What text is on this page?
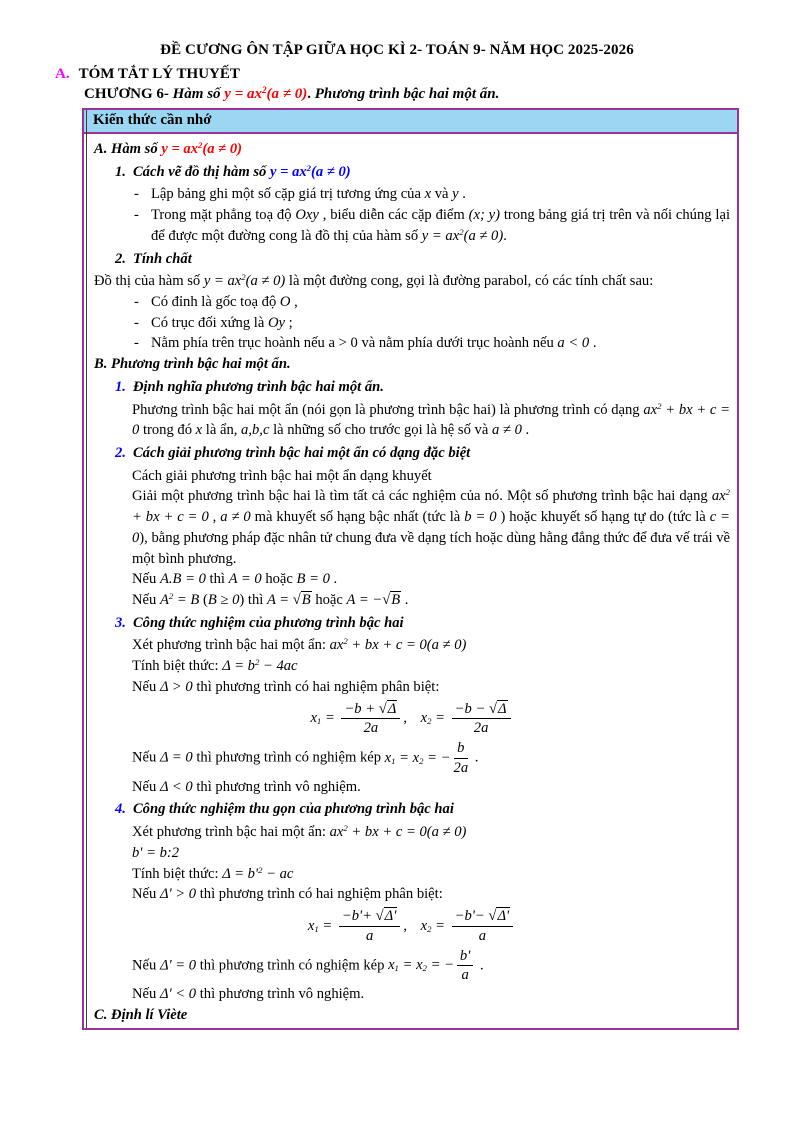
ĐỀ CƯƠNG ÔN TẬP GIỮA HỌC KÌ 2- TOÁN 9- NĂM HỌC 2025-2026
A. TÓM TẮT LÝ THUYẾT
CHƯƠNG 6- Hàm số $y = ax^2(a \ne 0)$. Phương trình bậc hai một ẩn.
Kiến thức cần nhớ

A. Hàm số $y = ax^2(a \ne 0)$

1. Cách vẽ đồ thị hàm số $y = ax^2(a \ne 0)$

- Lập bảng ghi một số cặp giá trị tương ứng của x và y .

- Trong mặt phẳng toạ độ Oxy , biểu diễn các cặp điểm (x; y) trong bảng giá trị trên và nối chúng lại để được một đường cong là đồ thị của hàm số $y = ax^2(a \ne 0)$.

2. Tính chất

Đồ thị của hàm số $y = ax^2(a \ne 0)$ là một đường cong, gọi là đường parabol, có các tính chất sau:

- Có đỉnh là gốc toạ độ O ,

- Có trục đối xứng là Oy ;

- Nằm phía trên trục hoành nếu a > 0 và nằm phía dưới trục hoành nếu a < 0 .

B. Phương trình bậc hai một ẩn.

1. Định nghĩa phương trình bậc hai một ẩn.

Phương trình bậc hai một ẩn (nói gọn là phương trình bậc hai) là phương trình có dạng $ax^2$ + bx + c = 0 trong đó x là ẩn, a,b,c là những số cho trước gọi là hệ số và a ≠ 0 .

2. Cách giải phương trình bậc hai một ẩn có dạng đặc biệt

Cách giải phương trình bậc hai một ẩn dạng khuyết

Giải một phương trình bậc hai là tìm tất cả các nghiệm của nó. Một số phương trình bậc hai dạng $ax^2$ + bx + c = 0 , a ≠ 0 mà khuyết số hạng bậc nhất (tức là b = 0 ) hoặc khuyết số hạng tự do (tức là c = 0), bằng phương pháp đặc nhân tử chung đưa về dạng tích hoặc dùng hằng đẳng thức để đưa vế trái về một bình phương.

Nếu A.B = 0 thì A = 0 hoặc B = 0 .

Nếu $A^2 = B$ (B ≥ 0) thì A = √B hoặc A = −√B .

3. Công thức nghiệm của phương trình bậc hai

Xét phương trình bậc hai một ẩn: $ax^2$ + bx + c = 0(a ≠ 0)

Tính biệt thức: $\Delta = b^2 - 4ac$

Nếu Δ > 0 thì phương trình có hai nghiệm phân biệt:

$x_1 = \frac{-b + √\Delta}{2a}$ , $x_2 = \frac{-b - √\Delta}{2a}$

Nếu Δ = 0 thì phương trình có nghiệm kép $x_1 = x_2$ = − $\frac{b}{2a}$ .

Nếu Δ < 0 thì phương trình vô nghiệm.

4. Công thức nghiệm thu gọn của phương trình bậc hai

Xét phương trình bậc hai một ẩn: $ax^2$ + bx + c = 0(a ≠ 0)

b' = b:2

Tính biệt thức: $\Delta = b'^2$ − ac

Nếu Δ' > 0 thì phương trình có hai nghiệm phân biệt:

$x_1 = \frac{-b'+ √\Delta'}{a}$ , $x_2 = \frac{-b'- √\Delta'}{a}$

Nếu Δ' = 0 thì phương trình có nghiệm kép $x_1 = x_2$ = − $\frac{b'}{a}$ .

Nếu Δ' < 0 thì phương trình vô nghiệm.

C. Định lí Viète
